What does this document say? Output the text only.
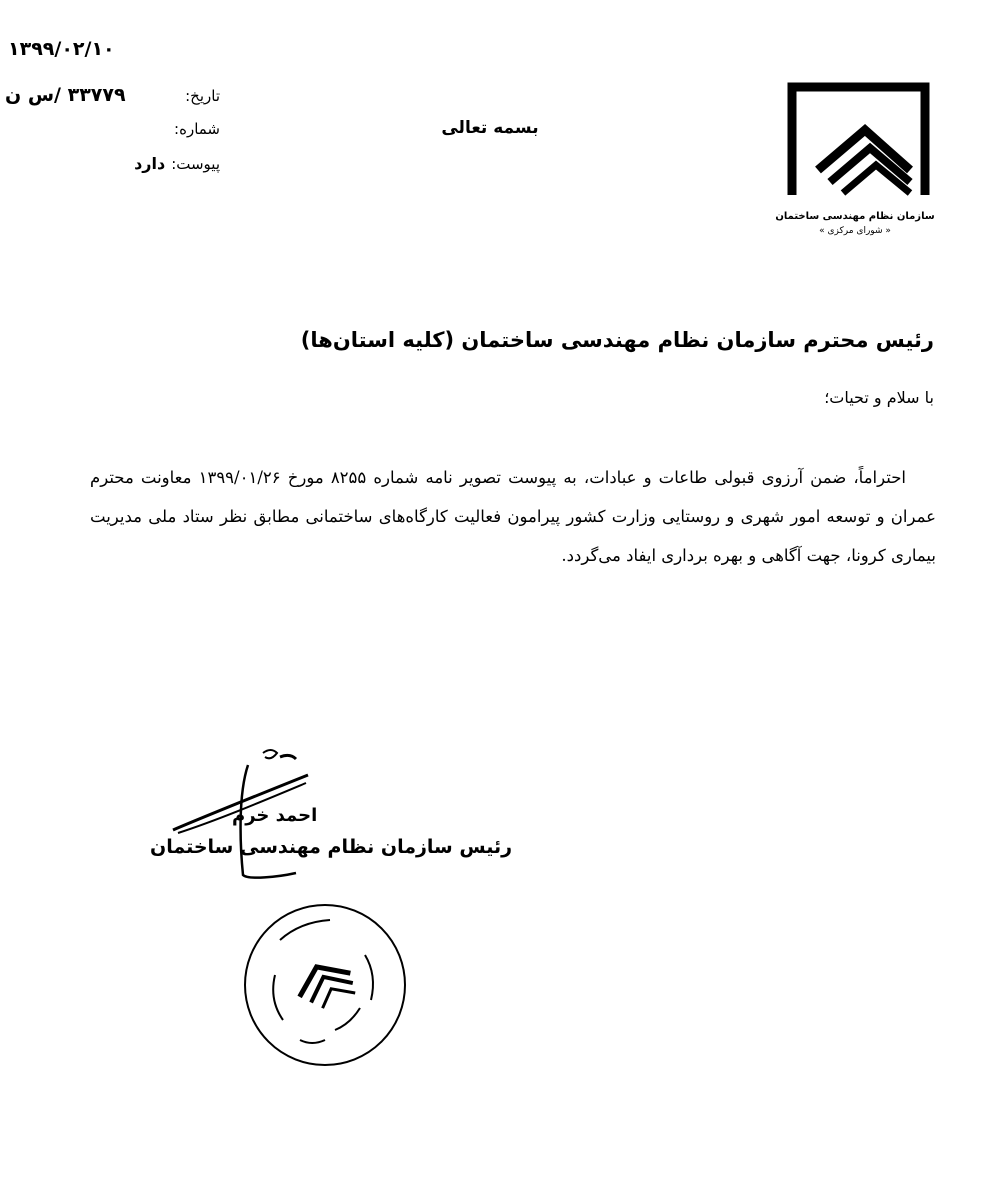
۱۳۹۹/۰۲/۱۰
تاریخ:
۳۳۷۷۹ /س ن
شماره:
پیوست:
دارد
بسمه تعالی
سازمان نظام مهندسی ساختمان
« شورای مرکزی »
رئیس محترم سازمان نظام مهندسی ساختمان (کلیه استان‌ها)
با سلام و تحیات؛

احتراماً، ضمن آرزوی قبولی طاعات و عبادات، به پیوست تصویر نامه شماره ۸۲۵۵ مورخ ۱۳۹۹/۰۱/۲۶ معاونت محترم عمران و توسعه امور شهری و روستایی وزارت کشور پیرامون فعالیت کارگاه‌های ساختمانی مطابق نظر ستاد ملی مدیریت بیماری کرونا، جهت آگاهی و بهره برداری ایفاد می‌گردد.

احمد خرم
رئیس سازمان نظام مهندسی ساختمان
